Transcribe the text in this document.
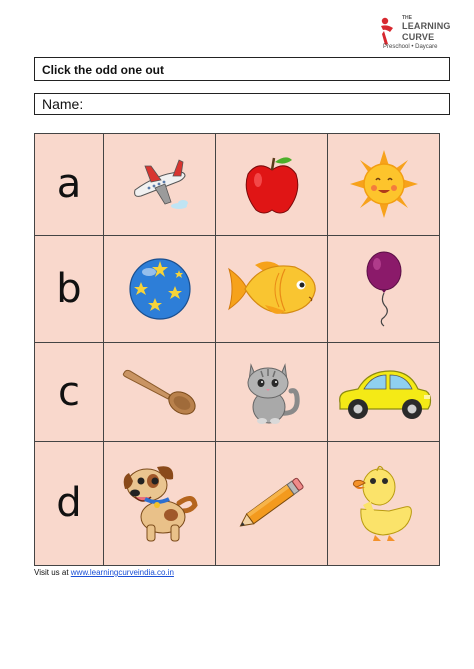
THE
LEARNING
CURVE
Preschool • Daycare
Click the odd one out
Name:
a	

b	

c	

d	

Visit us at www.learningcurveindia.co.in
